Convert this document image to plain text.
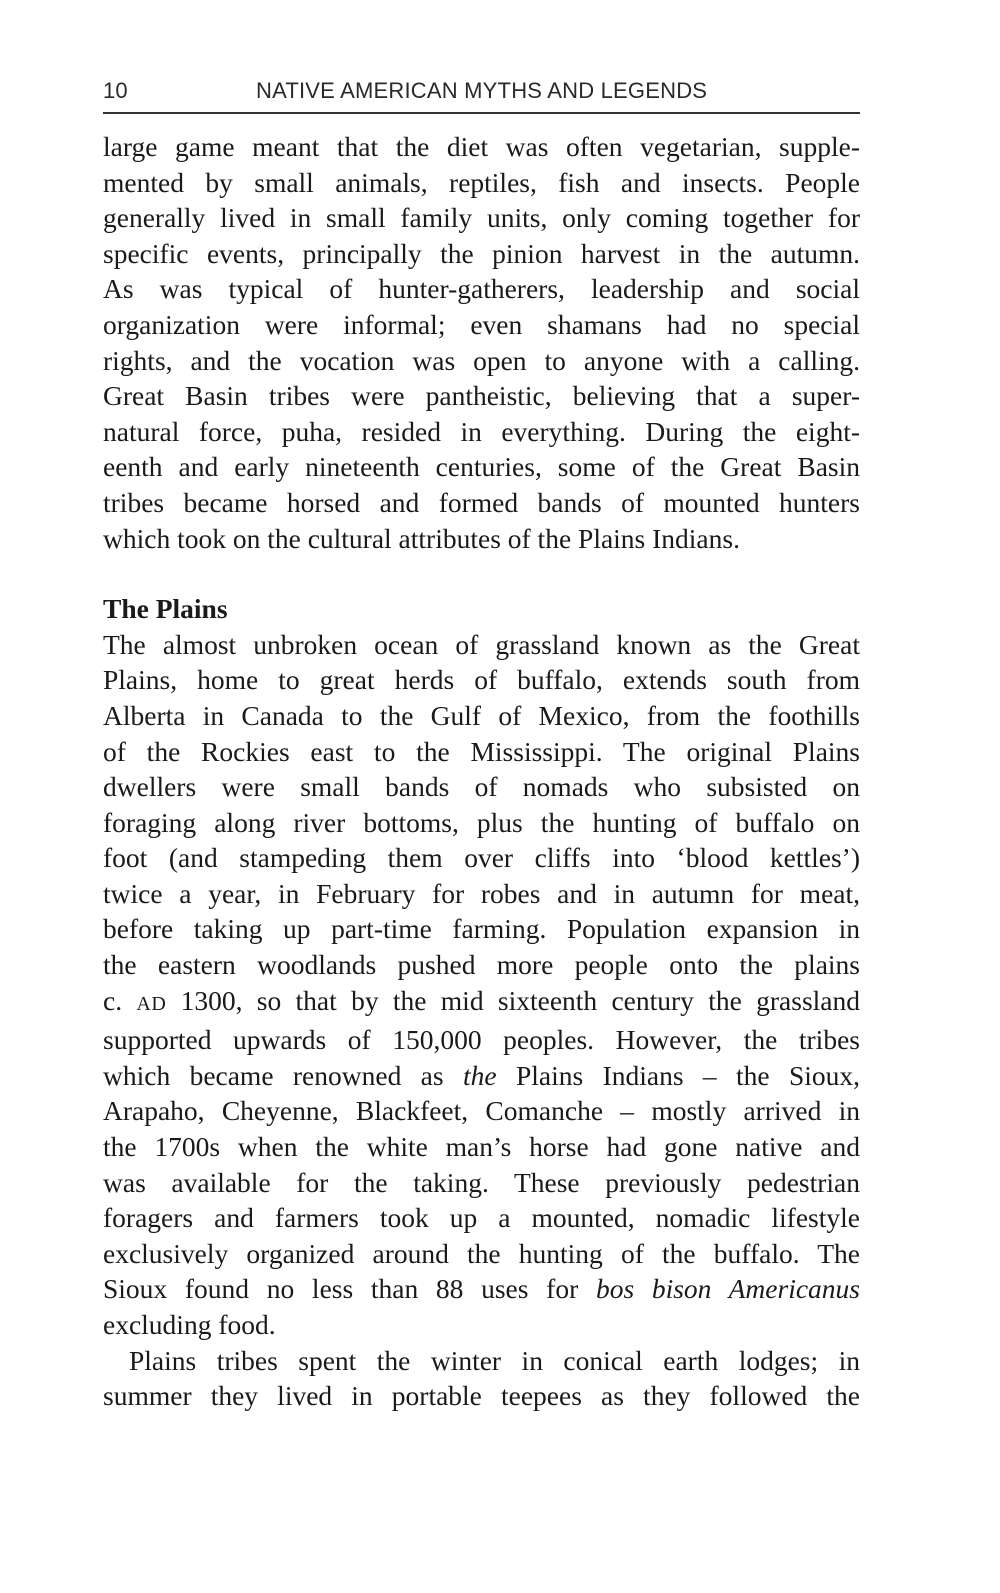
10	NATIVE AMERICAN MYTHS AND LEGENDS

large game meant that the diet was often vegetarian, supple-
mented by small animals, reptiles, fish and insects. People
generally lived in small family units, only coming together for
specific events, principally the pinion harvest in the autumn.
As was typical of hunter-gatherers, leadership and social
organization were informal; even shamans had no special
rights, and the vocation was open to anyone with a calling.
Great Basin tribes were pantheistic, believing that a super-
natural force, puha, resided in everything. During the eight-
eenth and early nineteenth centuries, some of the Great Basin
tribes became horsed and formed bands of mounted hunters
which took on the cultural attributes of the Plains Indians.

The Plains

The almost unbroken ocean of grassland known as the Great
Plains, home to great herds of buffalo, extends south from
Alberta in Canada to the Gulf of Mexico, from the foothills
of the Rockies east to the Mississippi. The original Plains
dwellers were small bands of nomads who subsisted on
foraging along river bottoms, plus the hunting of buffalo on
foot (and stampeding them over cliffs into ‘blood kettles’)
twice a year, in February for robes and in autumn for meat,
before taking up part-time farming. Population expansion in
the eastern woodlands pushed more people onto the plains
c. AD 1300, so that by the mid sixteenth century the grassland
supported upwards of 150,000 peoples. However, the tribes
which became renowned as the Plains Indians – the Sioux,
Arapaho, Cheyenne, Blackfeet, Comanche – mostly arrived in
the 1700s when the white man’s horse had gone native and
was available for the taking. These previously pedestrian
foragers and farmers took up a mounted, nomadic lifestyle
exclusively organized around the hunting of the buffalo. The
Sioux found no less than 88 uses for bos bison Americanus
excluding food.

Plains tribes spent the winter in conical earth lodges; in
summer they lived in portable teepees as they followed the
